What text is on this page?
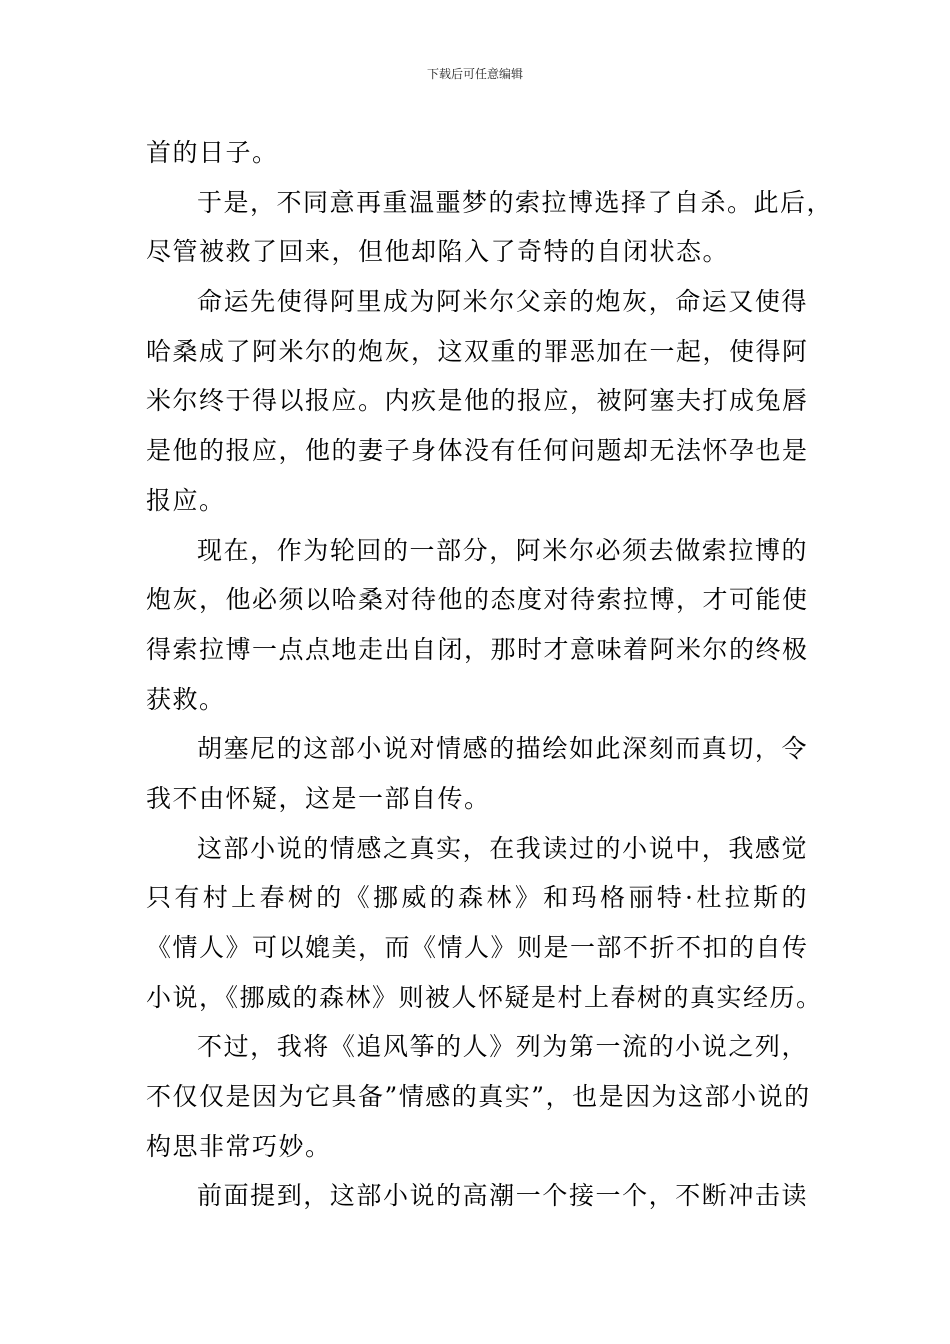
下载后可任意编辑
首的日子。
于是，不同意再重温噩梦的索拉博选择了自杀。此后，
尽管被救了回来，但他却陷入了奇特的自闭状态。
命运先使得阿里成为阿米尔父亲的炮灰，命运又使得
哈桑成了阿米尔的炮灰，这双重的罪恶加在一起，使得阿
米尔终于得以报应。内疚是他的报应，被阿塞夫打成兔唇
是他的报应，他的妻子身体没有任何问题却无法怀孕也是
报应。
现在，作为轮回的一部分，阿米尔必须去做索拉博的
炮灰，他必须以哈桑对待他的态度对待索拉博，才可能使
得索拉博一点点地走出自闭，那时才意味着阿米尔的终极
获救。
胡塞尼的这部小说对情感的描绘如此深刻而真切，令
我不由怀疑，这是一部自传。
这部小说的情感之真实，在我读过的小说中，我感觉
只有村上春树的《挪威的森林》和玛格丽特·杜拉斯的
《情人》可以媲美，而《情人》则是一部不折不扣的自传
小说，《挪威的森林》则被人怀疑是村上春树的真实经历。
不过，我将《追风筝的人》列为第一流的小说之列，
不仅仅是因为它具备”情感的真实”，也是因为这部小说的
构思非常巧妙。
前面提到，这部小说的高潮一个接一个，不断冲击读
